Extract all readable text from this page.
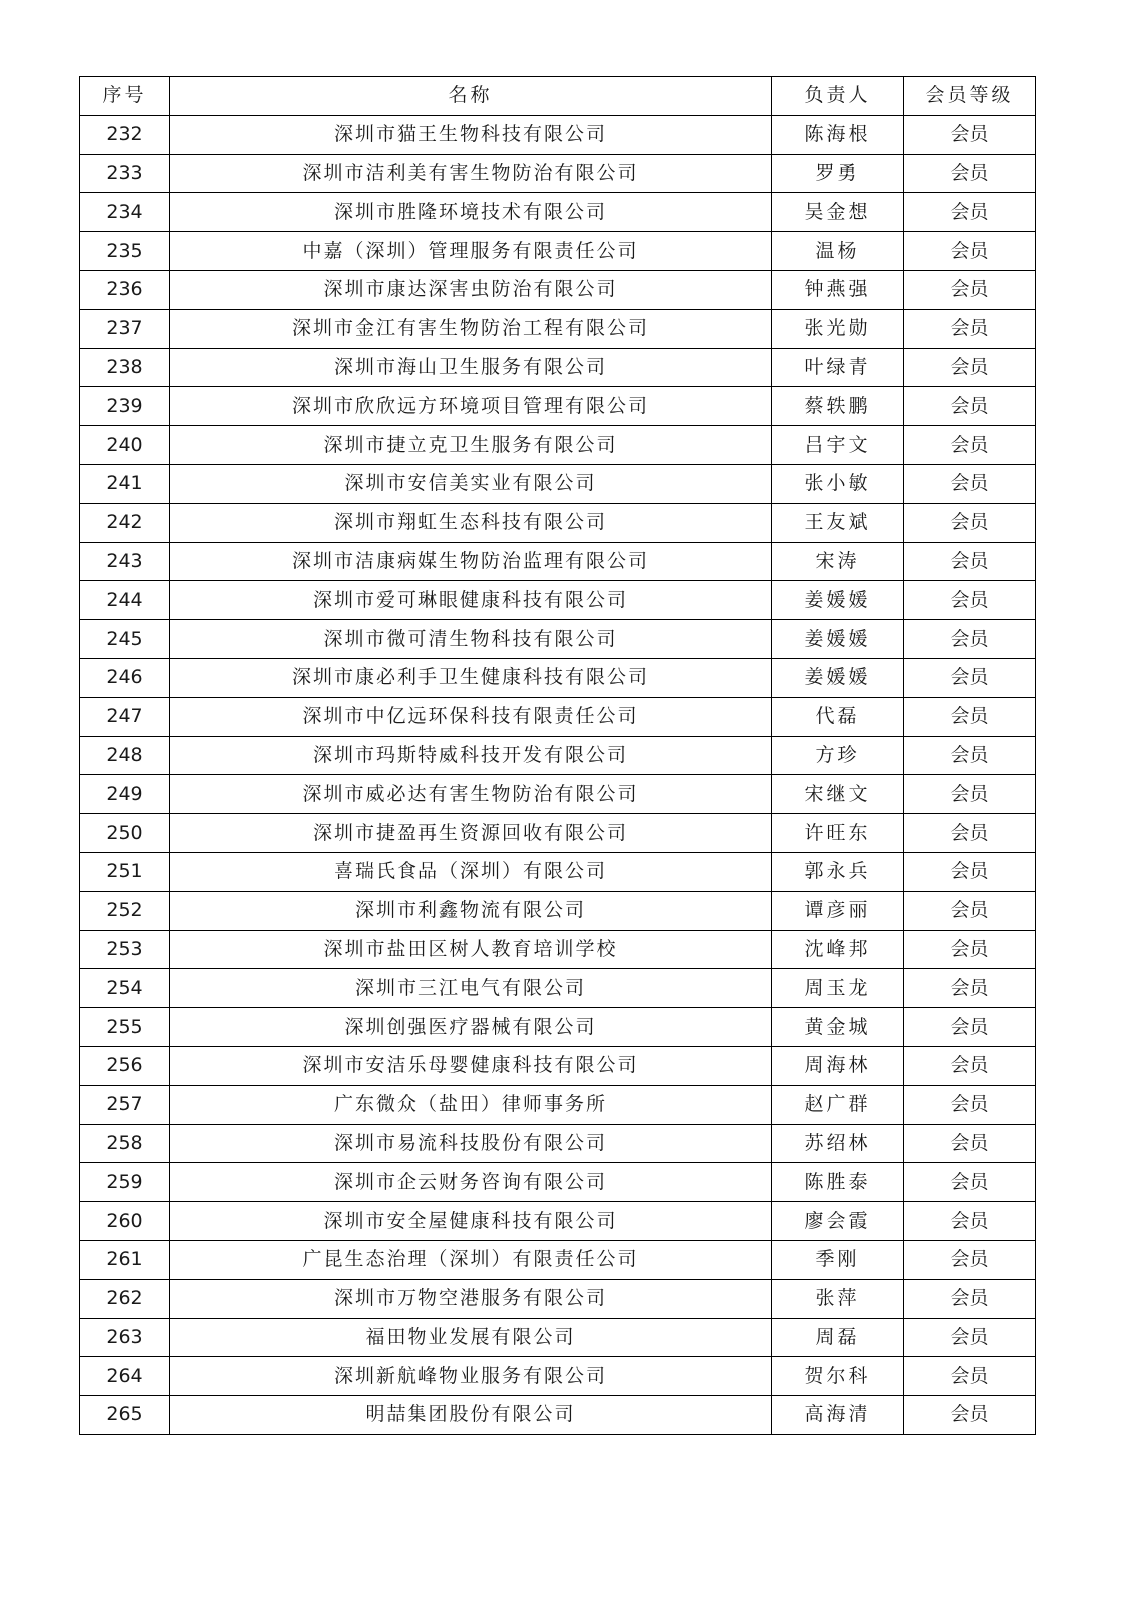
序号	名称	负责人	会员等级
232	深圳市猫王生物科技有限公司	陈海根	会员
233	深圳市洁利美有害生物防治有限公司	罗勇	会员
234	深圳市胜隆环境技术有限公司	吴金想	会员
235	中嘉（深圳）管理服务有限责任公司	温杨	会员
236	深圳市康达深害虫防治有限公司	钟燕强	会员
237	深圳市金江有害生物防治工程有限公司	张光勋	会员
238	深圳市海山卫生服务有限公司	叶绿青	会员
239	深圳市欣欣远方环境项目管理有限公司	蔡轶鹏	会员
240	深圳市捷立克卫生服务有限公司	吕宇文	会员
241	深圳市安信美实业有限公司	张小敏	会员
242	深圳市翔虹生态科技有限公司	王友斌	会员
243	深圳市洁康病媒生物防治监理有限公司	宋涛	会员
244	深圳市爱可琳眼健康科技有限公司	姜媛媛	会员
245	深圳市微可清生物科技有限公司	姜媛媛	会员
246	深圳市康必利手卫生健康科技有限公司	姜媛媛	会员
247	深圳市中亿远环保科技有限责任公司	代磊	会员
248	深圳市玛斯特威科技开发有限公司	方珍	会员
249	深圳市威必达有害生物防治有限公司	宋继文	会员
250	深圳市捷盈再生资源回收有限公司	许旺东	会员
251	喜瑞氏食品（深圳）有限公司	郭永兵	会员
252	深圳市利鑫物流有限公司	谭彦丽	会员
253	深圳市盐田区树人教育培训学校	沈峰邦	会员
254	深圳市三江电气有限公司	周玉龙	会员
255	深圳创强医疗器械有限公司	黄金城	会员
256	深圳市安洁乐母婴健康科技有限公司	周海林	会员
257	广东微众（盐田）律师事务所	赵广群	会员
258	深圳市易流科技股份有限公司	苏绍林	会员
259	深圳市企云财务咨询有限公司	陈胜泰	会员
260	深圳市安全屋健康科技有限公司	廖会霞	会员
261	广昆生态治理（深圳）有限责任公司	季刚	会员
262	深圳市万物空港服务有限公司	张萍	会员
263	福田物业发展有限公司	周磊	会员
264	深圳新航峰物业服务有限公司	贺尔科	会员
265	明喆集团股份有限公司	高海清	会员
